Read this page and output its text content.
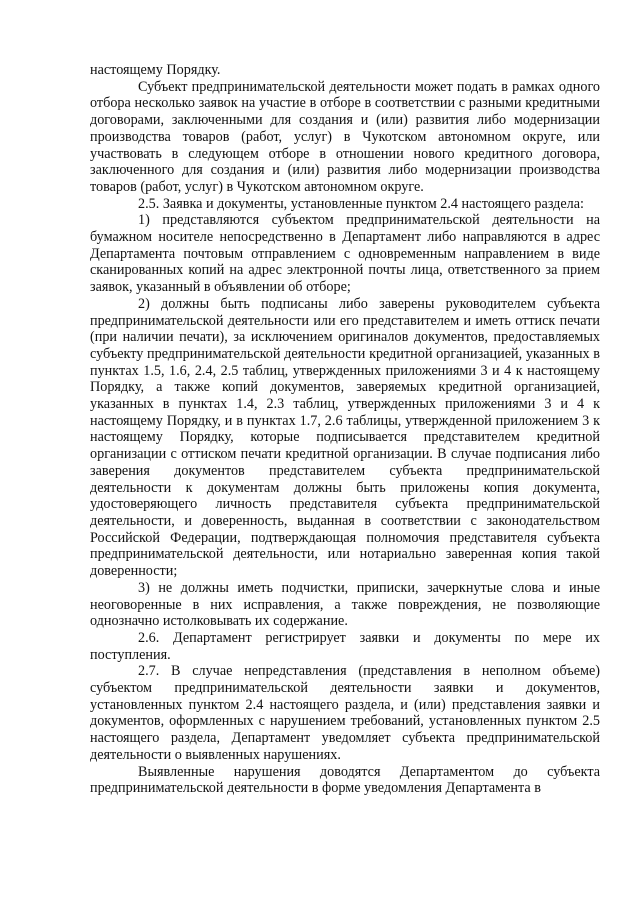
настоящему Порядку.

Субъект предпринимательской деятельности может подать в рамках одного отбора несколько заявок на участие в отборе в соответствии с разными кредитными договорами, заключенными для создания и (или) развития либо модернизации производства товаров (работ, услуг) в Чукотском автономном округе, или участвовать в следующем отборе в отношении нового кредитного договора, заключенного для создания и (или) развития либо модернизации производства товаров (работ, услуг) в Чукотском автономном округе.

2.5. Заявка и документы, установленные пунктом 2.4 настоящего раздела:

1) представляются субъектом предпринимательской деятельности на бумажном носителе непосредственно в Департамент либо направляются в адрес Департамента почтовым отправлением с одновременным направлением в виде сканированных копий на адрес электронной почты лица, ответственного за прием заявок, указанный в объявлении об отборе;

2) должны быть подписаны либо заверены руководителем субъекта предпринимательской деятельности или его представителем и иметь оттиск печати (при наличии печати), за исключением оригиналов документов, предоставляемых субъекту предпринимательской деятельности кредитной организацией, указанных в пунктах 1.5, 1.6, 2.4, 2.5 таблиц, утвержденных приложениями 3 и 4 к настоящему Порядку, а также копий документов, заверяемых кредитной организацией, указанных в пунктах 1.4, 2.3 таблиц, утвержденных приложениями 3 и 4 к настоящему Порядку, и в пунктах 1.7, 2.6 таблицы, утвержденной приложением 3 к настоящему Порядку, которые подписывается представителем кредитной организации с оттиском печати кредитной организации. В случае подписания либо заверения документов представителем субъекта предпринимательской деятельности к документам должны быть приложены копия документа, удостоверяющего личность представителя субъекта предпринимательской деятельности, и доверенность, выданная в соответствии с законодательством Российской Федерации, подтверждающая полномочия представителя субъекта предпринимательской деятельности, или нотариально заверенная копия такой доверенности;

3) не должны иметь подчистки, приписки, зачеркнутые слова и иные неоговоренные в них исправления, а также повреждения, не позволяющие однозначно истолковывать их содержание.

2.6. Департамент регистрирует заявки и документы по мере их поступления.

2.7. В случае непредставления (представления в неполном объеме) субъектом предпринимательской деятельности заявки и документов, установленных пунктом 2.4 настоящего раздела, и (или) представления заявки и документов, оформленных с нарушением требований, установленных пунктом 2.5 настоящего раздела, Департамент уведомляет субъекта предпринимательской деятельности о выявленных нарушениях.

Выявленные нарушения доводятся Департаментом до субъекта предпринимательской деятельности в форме уведомления Департамента в
